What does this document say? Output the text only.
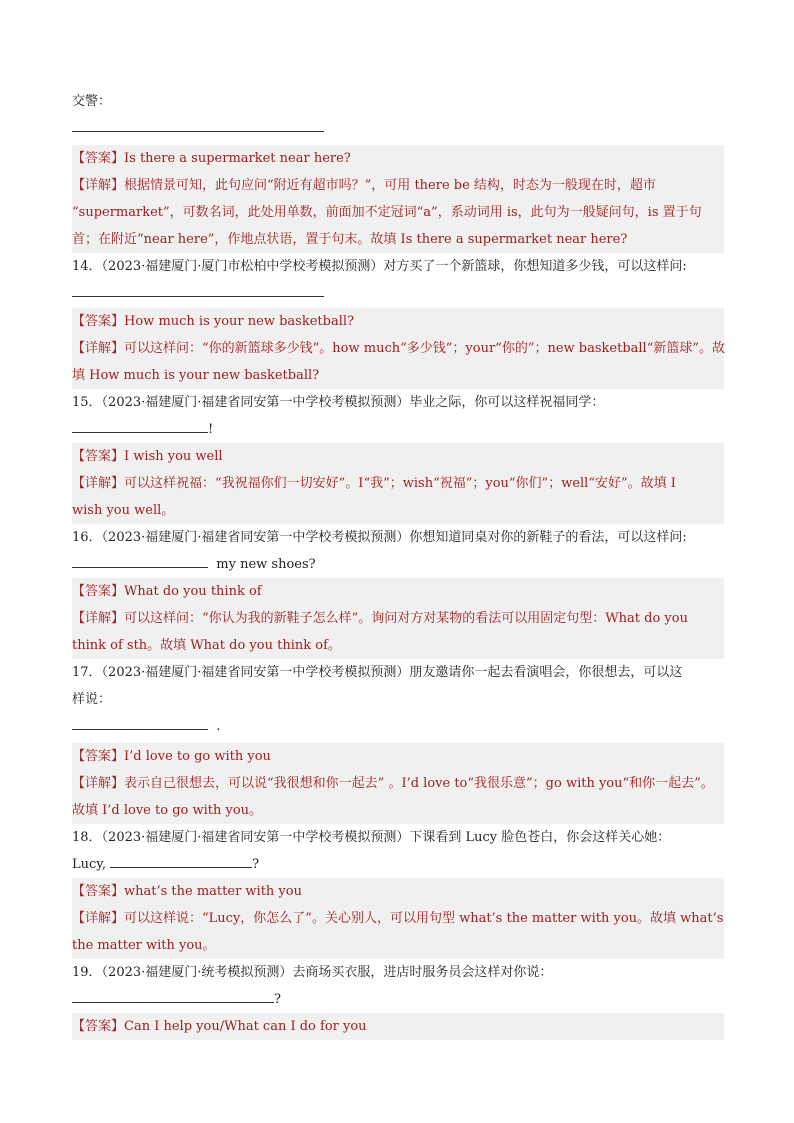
交警：
【答案】Is there a supermarket near here?
【详解】根据情景可知，此句应问“附近有超市吗？”，可用 there be 结构，时态为一般现在时，超市
“supermarket”，可数名词，此处用单数，前面加不定冠词“a”，系动词用 is，此句为一般疑问句，is 置于句
首；在附近“near here”，作地点状语，置于句末。故填 Is there a supermarket near here?
14．（2023·福建厦门·厦门市松柏中学校考模拟预测）对方买了一个新篮球，你想知道多少钱，可以这样问:
【答案】How much is your new basketball?
【详解】可以这样问：“你的新篮球多少钱”。how much“多少钱”；your“你的”；new basketball“新篮球”。故
填 How much is your new basketball?
15．（2023·福建厦门·福建省同安第一中学校考模拟预测）毕业之际，你可以这样祝福同学：
!
【答案】I wish you well
【详解】可以这样祝福：“我祝福你们一切安好”。I“我”；wish“祝福”；you“你们”；well“安好”。故填 I
wish you well。
16．（2023·福建厦门·福建省同安第一中学校考模拟预测）你想知道同桌对你的新鞋子的看法，可以这样问:
my new shoes?
【答案】What do you think of
【详解】可以这样问：“你认为我的新鞋子怎么样”。询问对方对某物的看法可以用固定句型：What do you
think of sth。故填 What do you think of。
17．（2023·福建厦门·福建省同安第一中学校考模拟预测）朋友邀请你一起去看演唱会，你很想去，可以这
样说：
.
【答案】I’d love to go with you
【详解】表示自己很想去，可以说“我很想和你一起去” 。I’d love to“我很乐意”；go with you“和你一起去”。
故填 I’d love to go with you。
18．（2023·福建厦门·福建省同安第一中学校考模拟预测）下课看到 Lucy 脸色苍白，你会这样关心她：
Lucy,	?
【答案】what’s the matter with you
【详解】可以这样说：“Lucy，你怎么了”。关心别人，可以用句型 what’s the matter with you。故填 what’s
the matter with you。
19．（2023·福建厦门·统考模拟预测）去商场买衣服，进店时服务员会这样对你说：
?
【答案】Can I help you/What can I do for you
